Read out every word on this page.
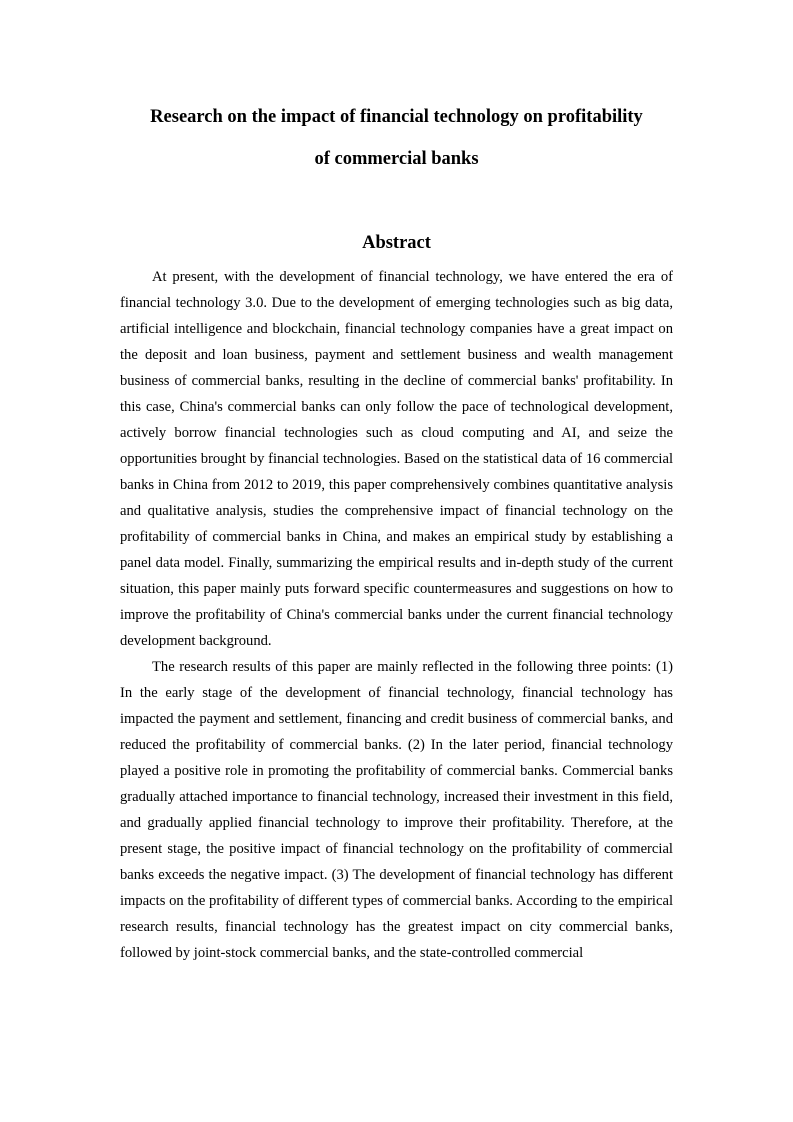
Research on the impact of financial technology on profitability
of commercial banks
Abstract

At present, with the development of financial technology, we have entered the era of financial technology 3.0. Due to the development of emerging technologies such as big data, artificial intelligence and blockchain, financial technology companies have a great impact on the deposit and loan business, payment and settlement business and wealth management business of commercial banks, resulting in the decline of commercial banks' profitability. In this case, China's commercial banks can only follow the pace of technological development, actively borrow financial technologies such as cloud computing and AI, and seize the opportunities brought by financial technologies. Based on the statistical data of 16 commercial banks in China from 2012 to 2019, this paper comprehensively combines quantitative analysis and qualitative analysis, studies the comprehensive impact of financial technology on the profitability of commercial banks in China, and makes an empirical study by establishing a panel data model. Finally, summarizing the empirical results and in-depth study of the current situation, this paper mainly puts forward specific countermeasures and suggestions on how to improve the profitability of China's commercial banks under the current financial technology development background.

The research results of this paper are mainly reflected in the following three points: (1) In the early stage of the development of financial technology, financial technology has impacted the payment and settlement, financing and credit business of commercial banks, and reduced the profitability of commercial banks. (2) In the later period, financial technology played a positive role in promoting the profitability of commercial banks. Commercial banks gradually attached importance to financial technology, increased their investment in this field, and gradually applied financial technology to improve their profitability. Therefore, at the present stage, the positive impact of financial technology on the profitability of commercial banks exceeds the negative impact. (3) The development of financial technology has different impacts on the profitability of different types of commercial banks. According to the empirical research results, financial technology has the greatest impact on city commercial banks, followed by joint-stock commercial banks, and the state-controlled commercial
